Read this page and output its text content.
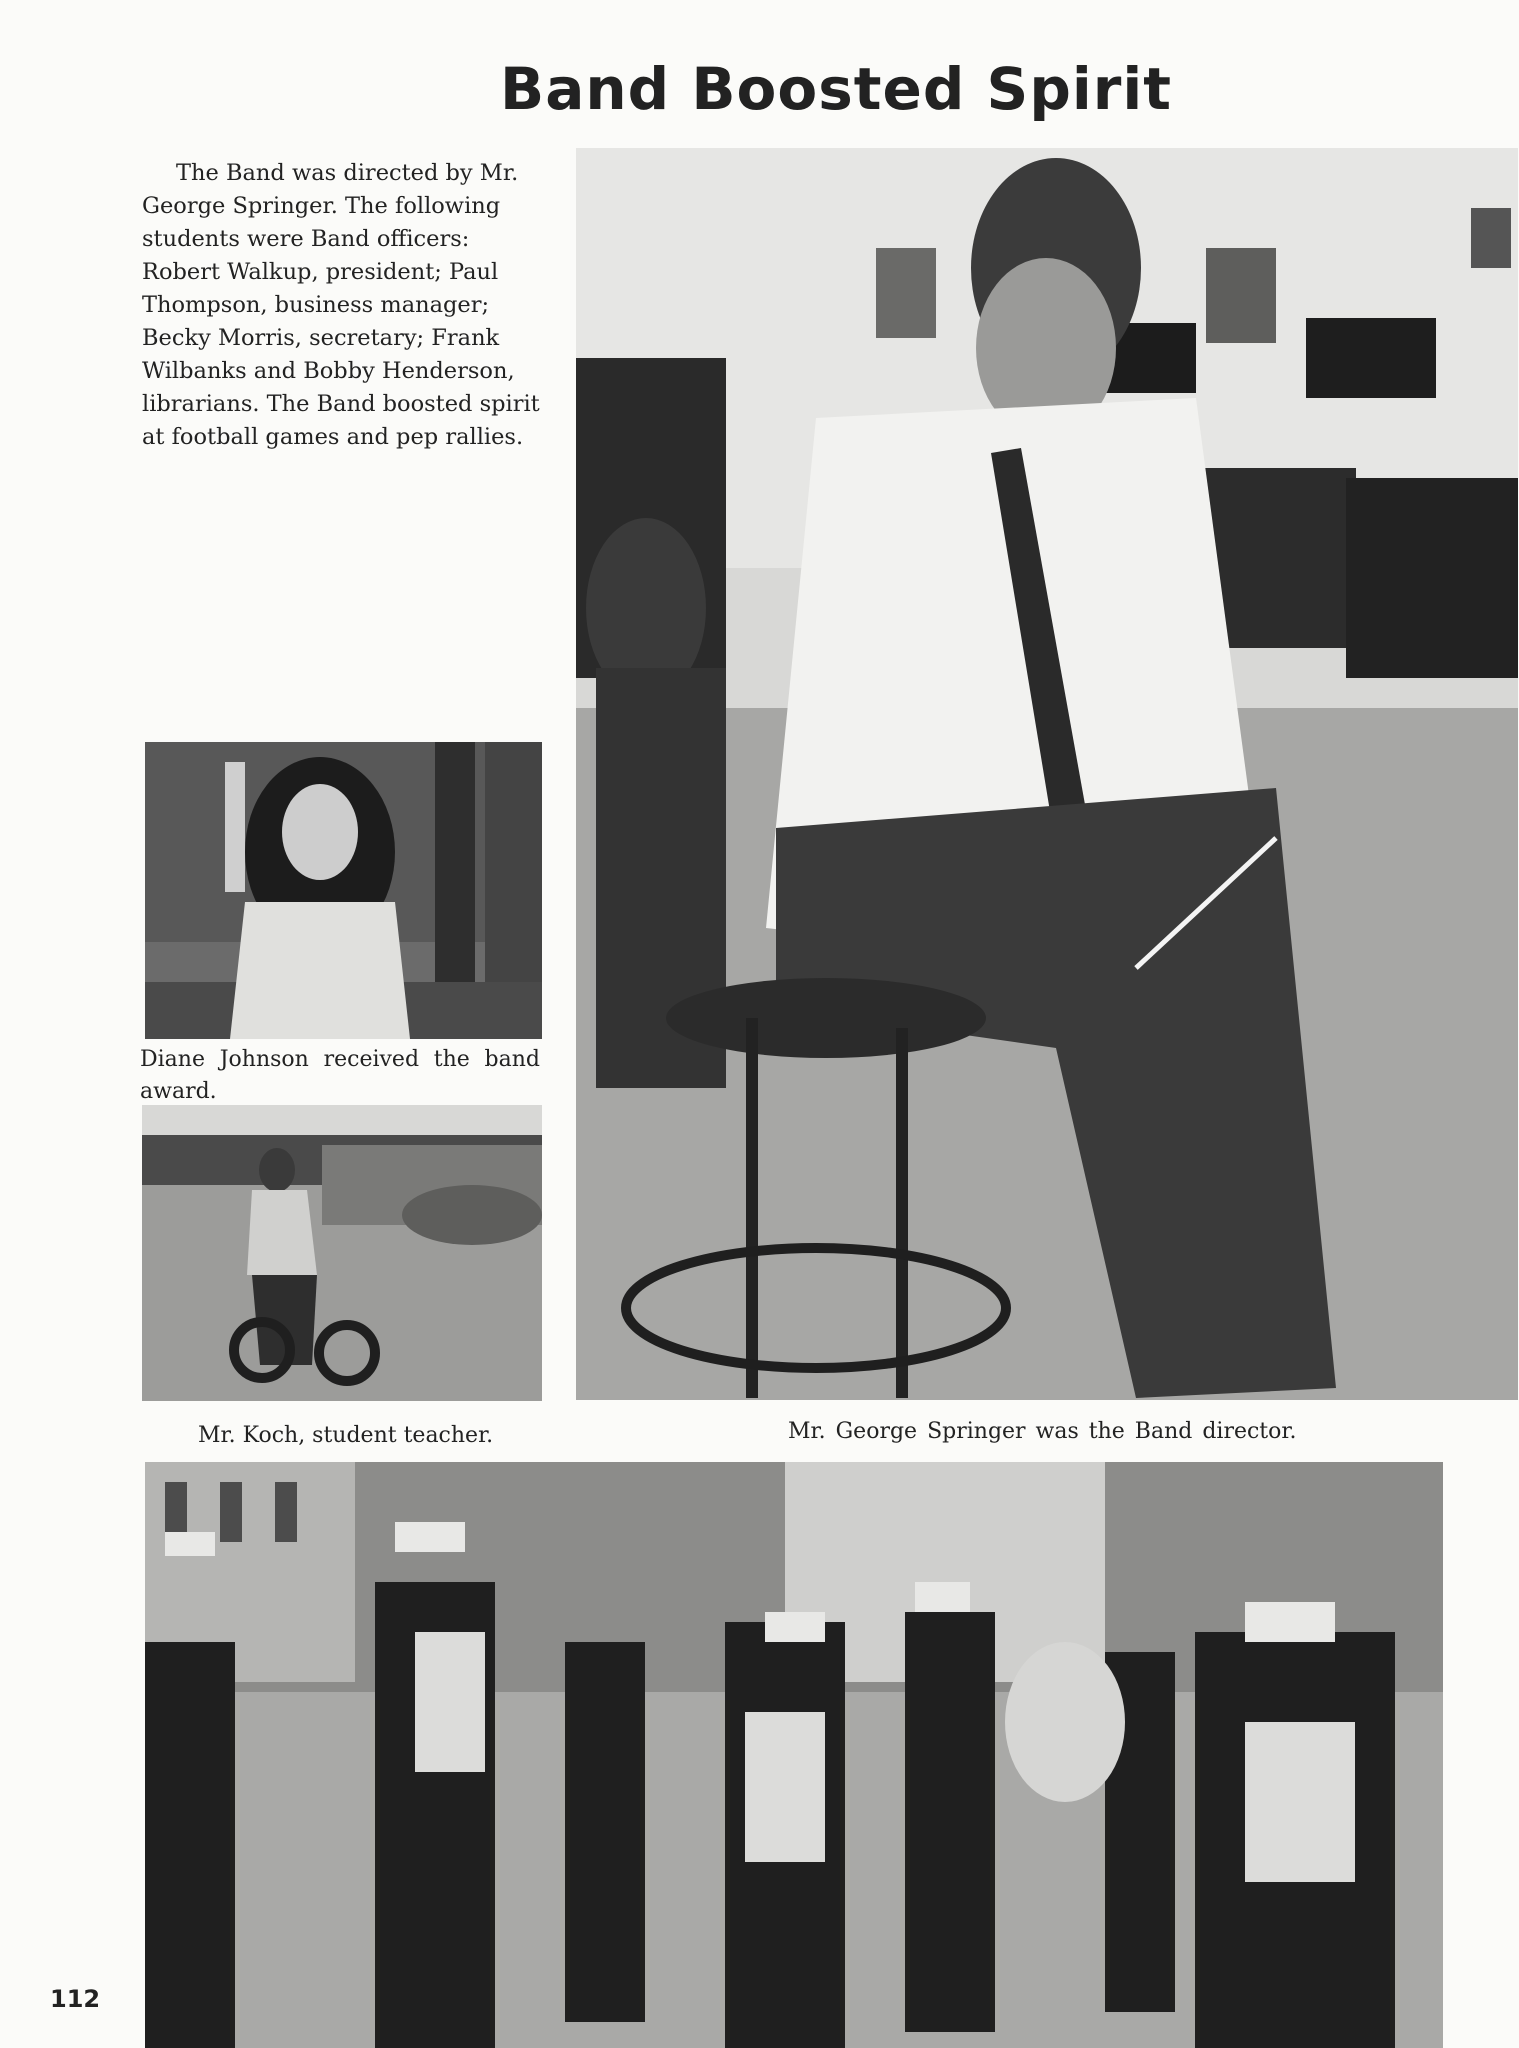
Band Boosted Spirit

The Band was directed by Mr. George Springer. The following students were Band officers: Robert Walkup, president; Paul Thompson, business manager; Becky Morris, secretary; Frank Wilbanks and Bobby Henderson, librarians. The Band boosted spirit at football games and pep rallies.

Diane Johnson received the band award.
Mr. Koch, student teacher.	Mr. George Springer was the Band director.
112
